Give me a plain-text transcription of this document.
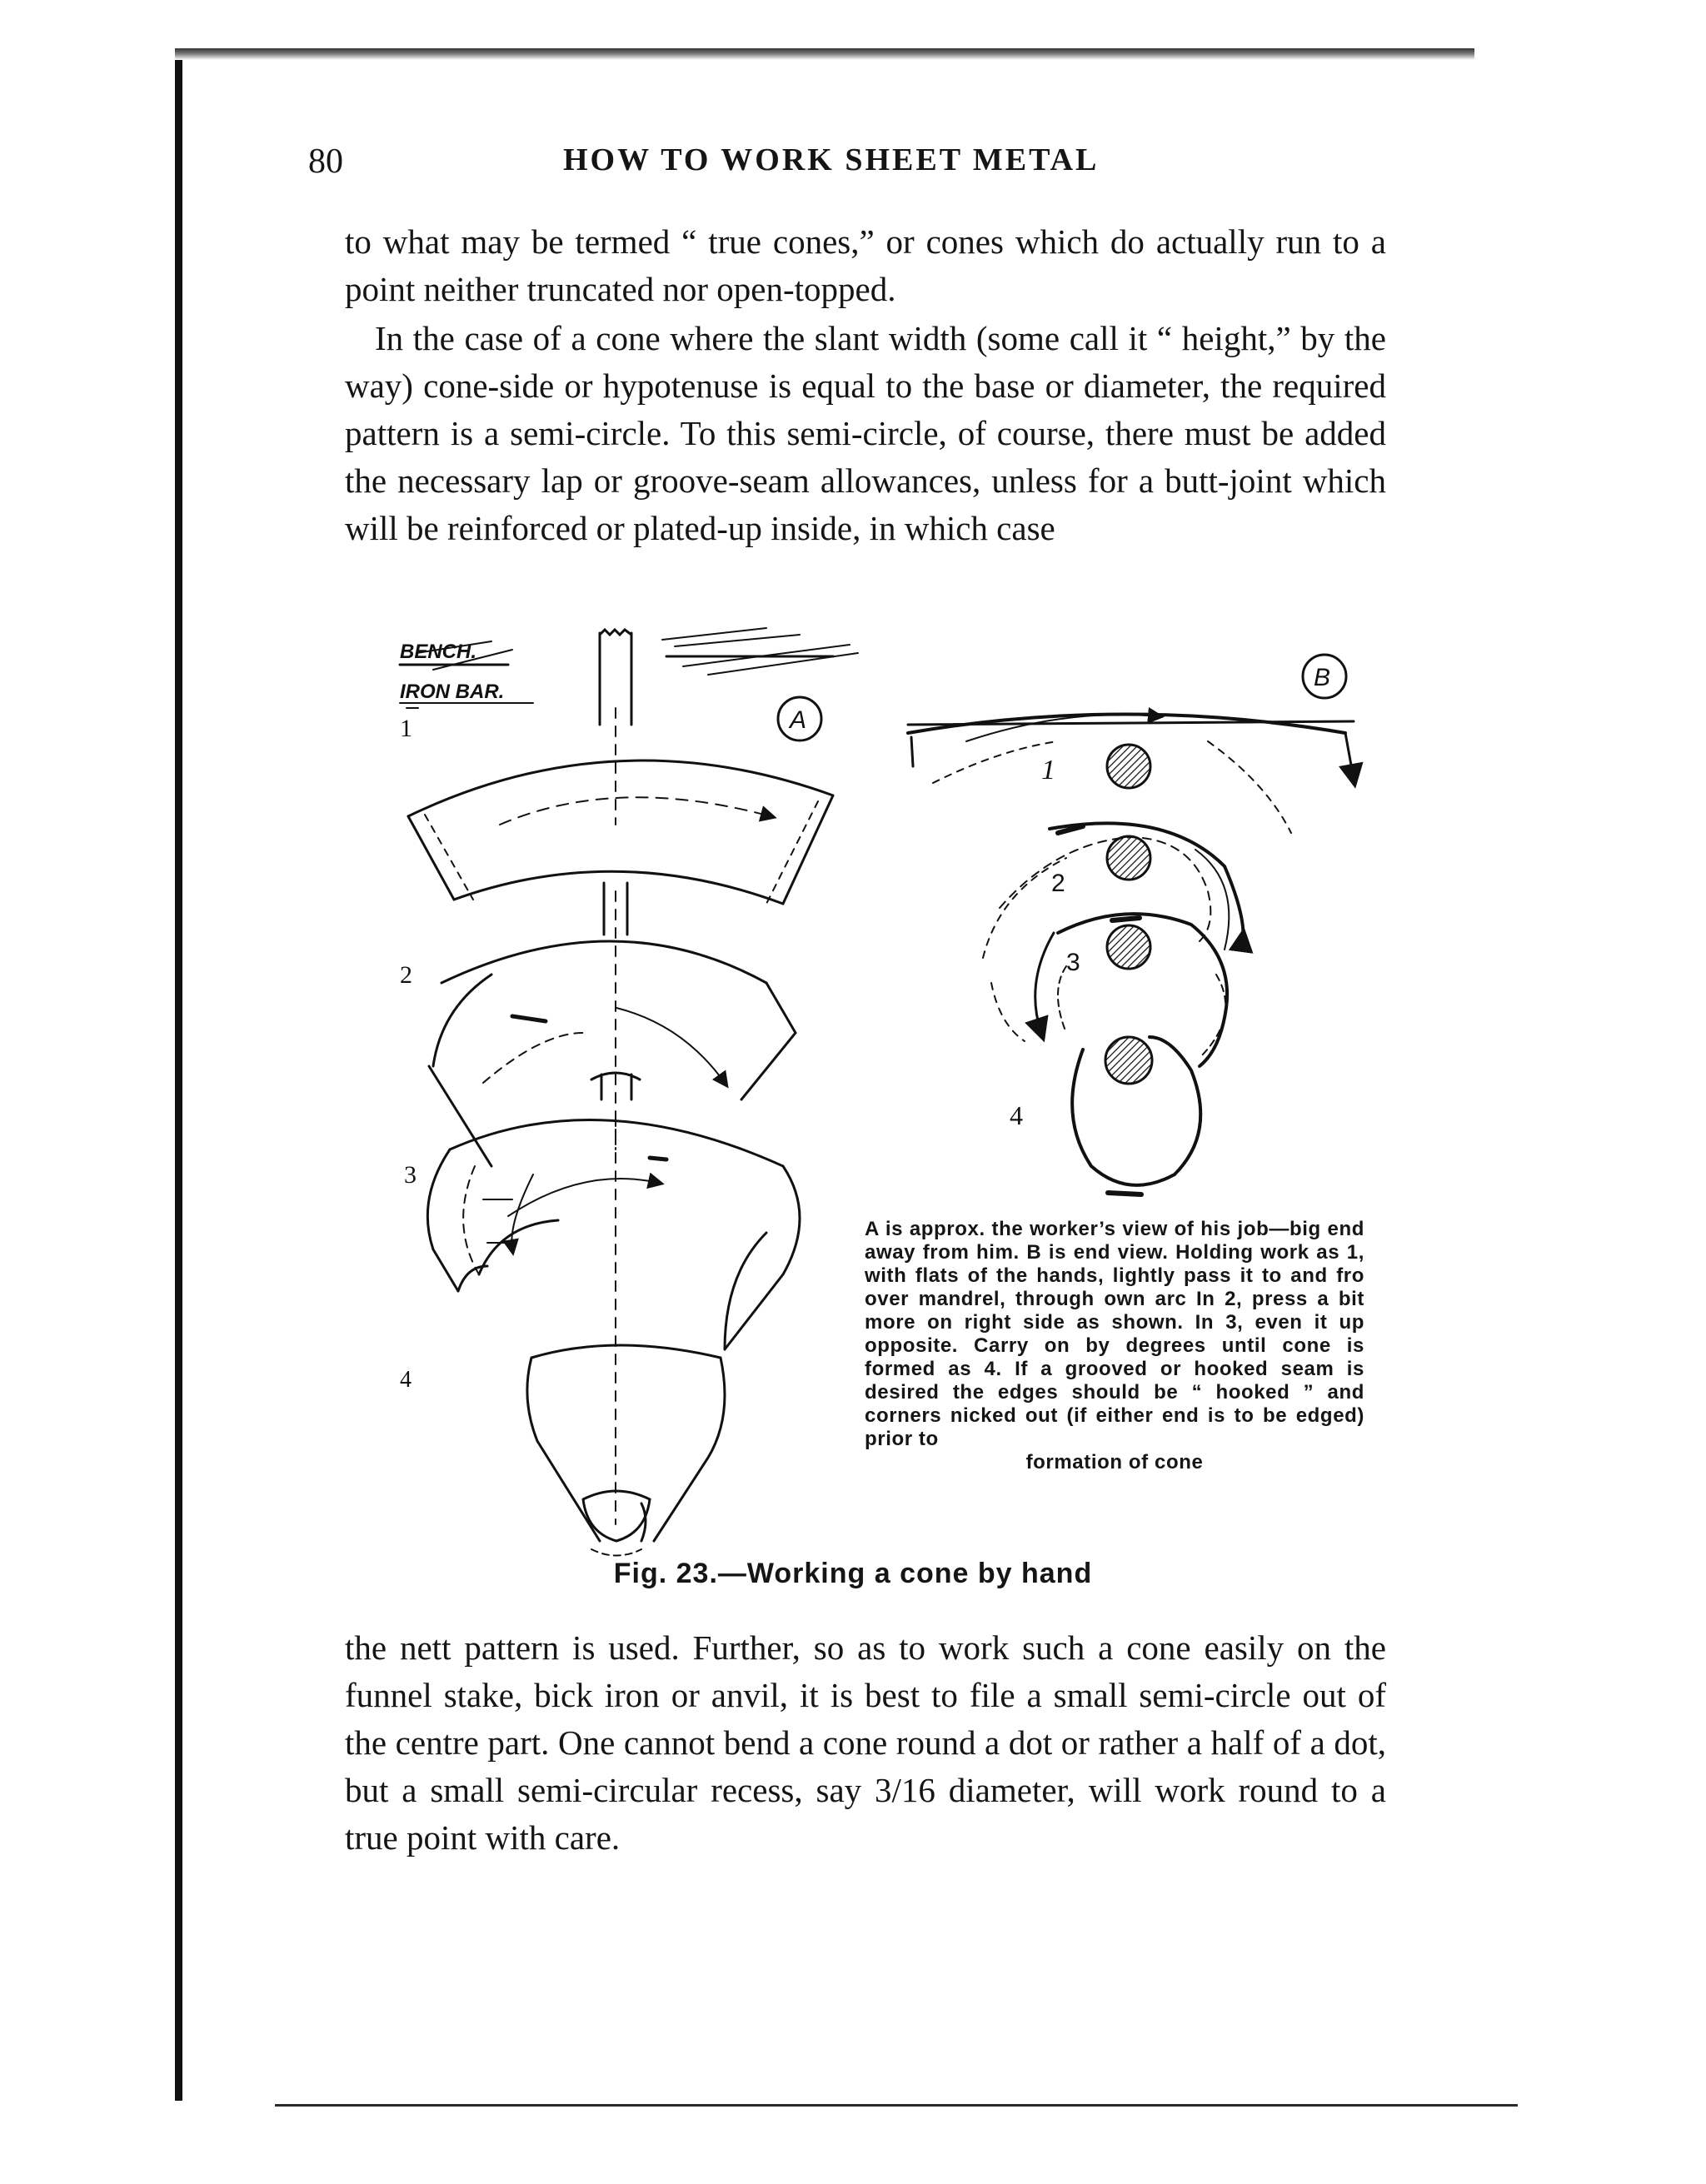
80	HOW TO WORK SHEET METAL
to what may be termed “ true cones,” or cones which do actually run to a point neither truncated nor open-topped.
In the case of a cone where the slant width (some call it “ height,” by the way) cone-side or hypotenuse is equal to the base or diameter, the required pattern is a semi-circle. To this semi-circle, of course, there must be added the necessary lap or groove-seam allowances, unless for a butt-joint which will be reinforced or plated-up inside, in which case
BENCH.
IRON BAR.
A
1
2
3
4
B
1
2
3
4
A is approx. the worker’s view of his job—big end away from him. B is end view. Holding work as 1, with flats of the hands, lightly pass it to and fro over mandrel, through own arc In 2, press a bit more on right side as shown. In 3, even it up opposite. Carry on by degrees until cone is formed as 4. If a grooved or hooked seam is desired the edges should be “ hooked ” and corners nicked out (if either end is to be edged) prior to
formation of cone
Fig. 23.—Working a cone by hand
the nett pattern is used. Further, so as to work such a cone easily on the funnel stake, bick iron or anvil, it is best to file a small semi-circle out of the centre part. One cannot bend a cone round a dot or rather a half of a dot, but a small semi-circular recess, say 3/16 diameter, will work round to a true point with care.
